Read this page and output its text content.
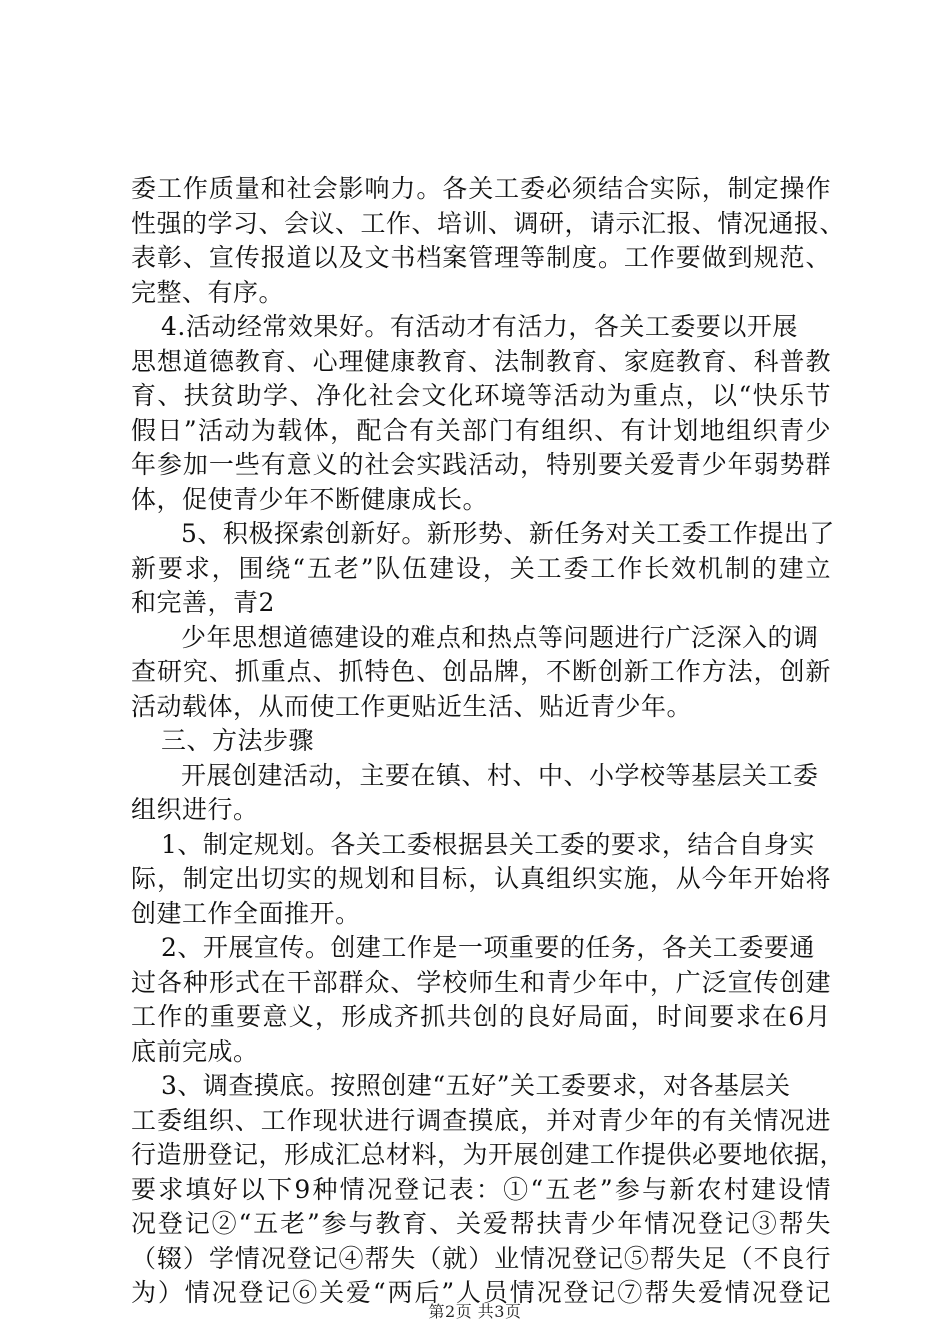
委工作质量和社会影响力。各关工委必须结合实际，制定操作
性强的学习、会议、工作、培训、调研，请示汇报、情况通报、
表彰、宣传报道以及文书档案管理等制度。工作要做到规范、
完整、有序。
4.活动经常效果好。有活动才有活力，各关工委要以开展
思想道德教育、心理健康教育、法制教育、家庭教育、科普教
育、扶贫助学、净化社会文化环境等活动为重点，以“快乐节
假日”活动为载体，配合有关部门有组织、有计划地组织青少
年参加一些有意义的社会实践活动，特别要关爱青少年弱势群
体，促使青少年不断健康成长。
5、积极探索创新好。新形势、新任务对关工委工作提出了
新要求，围绕“五老”队伍建设，关工委工作长效机制的建立
和完善，青2
少年思想道德建设的难点和热点等问题进行广泛深入的调
查研究、抓重点、抓特色、创品牌，不断创新工作方法，创新
活动载体，从而使工作更贴近生活、贴近青少年。
三、方法步骤
开展创建活动，主要在镇、村、中、小学校等基层关工委
组织进行。
1、制定规划。各关工委根据县关工委的要求，结合自身实
际，制定出切实的规划和目标，认真组织实施，从今年开始将
创建工作全面推开。
2、开展宣传。创建工作是一项重要的任务，各关工委要通
过各种形式在干部群众、学校师生和青少年中，广泛宣传创建
工作的重要意义，形成齐抓共创的良好局面，时间要求在6月
底前完成。
3、调查摸底。按照创建“五好”关工委要求，对各基层关
工委组织、工作现状进行调查摸底，并对青少年的有关情况进
行造册登记，形成汇总材料，为开展创建工作提供必要地依据，
要求填好以下9种情况登记表：①“五老”参与新农村建设情
况登记②“五老”参与教育、关爱帮扶青少年情况登记③帮失
（辍）学情况登记④帮失（就）业情况登记⑤帮失足（不良行
为）情况登记⑥关爱“两后”人员情况登记⑦帮失爱情况登记
第2页 共3页
